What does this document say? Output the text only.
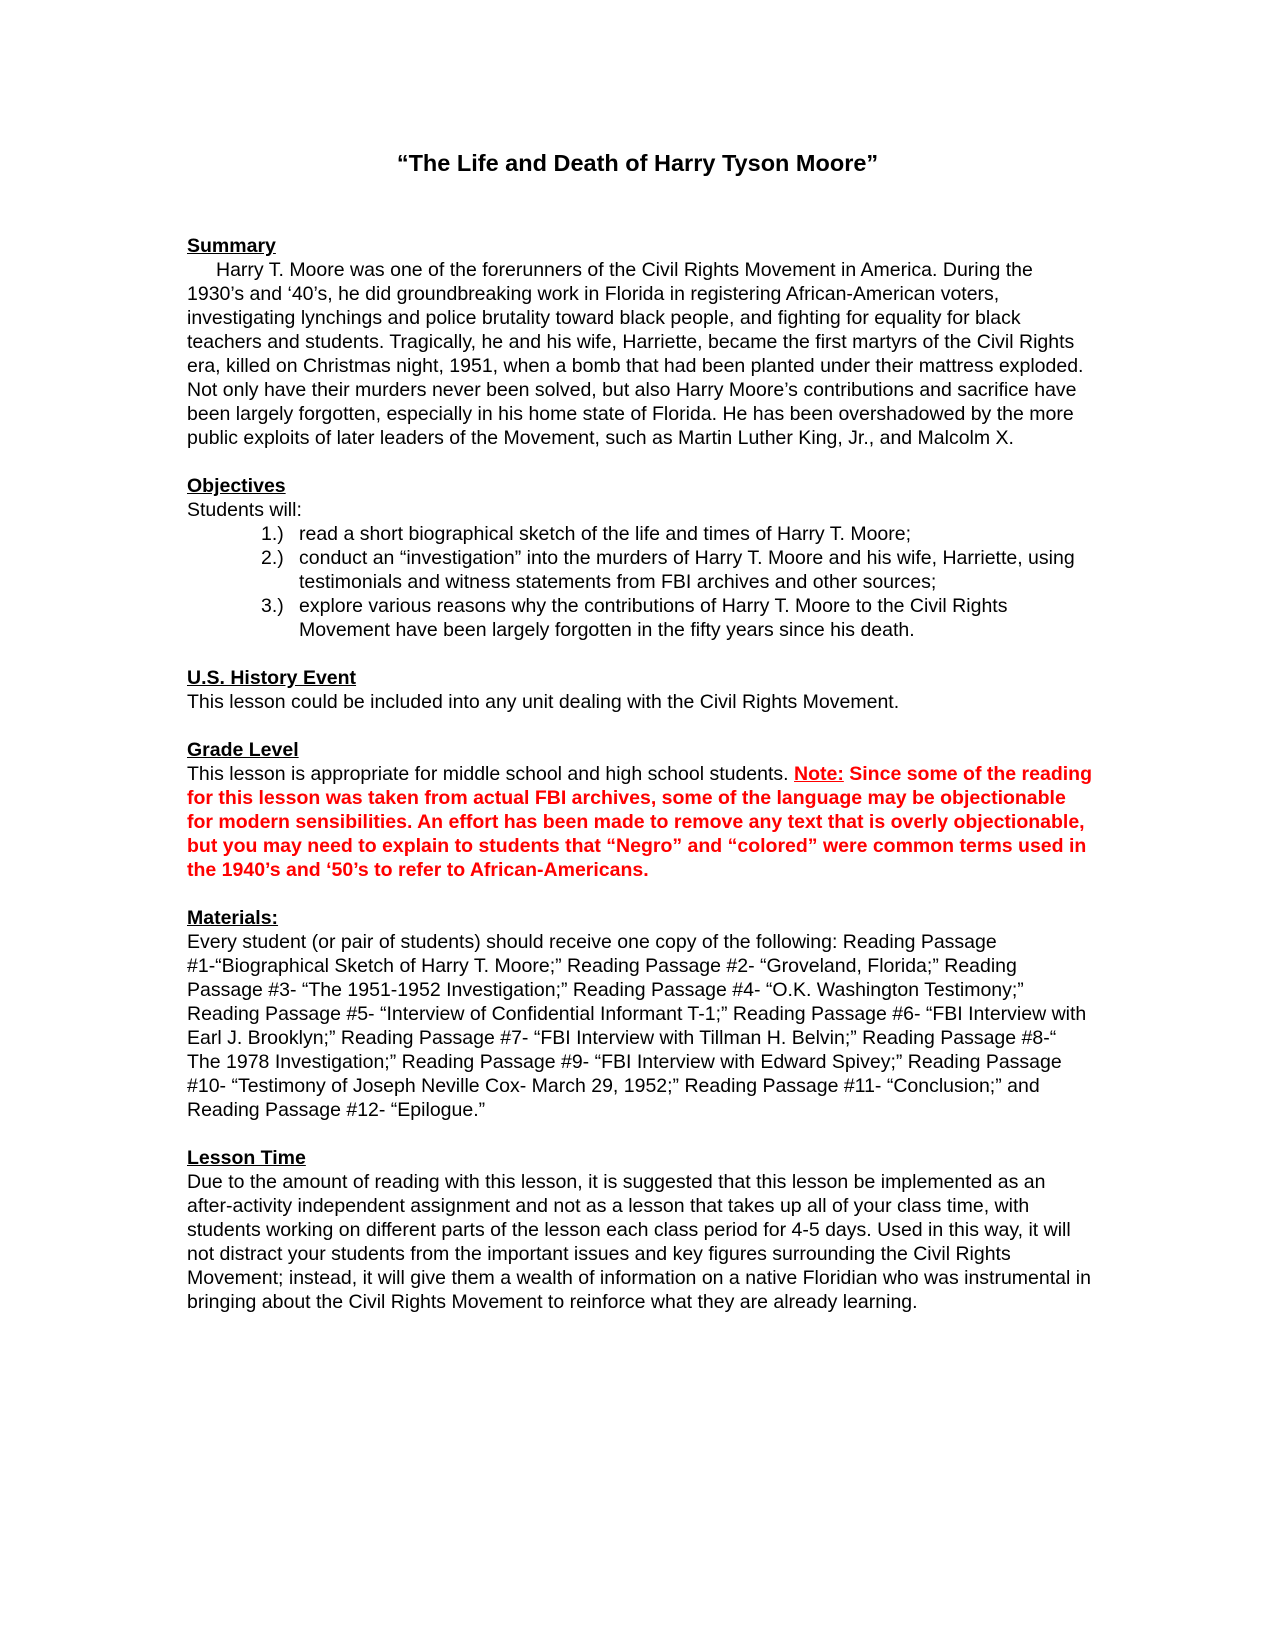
“The Life and Death of Harry Tyson Moore”
Summary

Harry T. Moore was one of the forerunners of the Civil Rights Movement in America. During the 1930’s and ‘40’s, he did groundbreaking work in Florida in registering African-American voters, investigating lynchings and police brutality toward black people, and fighting for equality for black teachers and students. Tragically, he and his wife, Harriette, became the first martyrs of the Civil Rights era, killed on Christmas night, 1951, when a bomb that had been planted under their mattress exploded. Not only have their murders never been solved, but also Harry Moore’s contributions and sacrifice have been largely forgotten, especially in his home state of Florida. He has been overshadowed by the more public exploits of later leaders of the Movement, such as Martin Luther King, Jr., and Malcolm X.

Objectives
Students will:
1.) read a short biographical sketch of the life and times of Harry T. Moore;
2.) conduct an “investigation” into the murders of Harry T. Moore and his wife, Harriette, using testimonials and witness statements from FBI archives and other sources;
3.) explore various reasons why the contributions of Harry T. Moore to the Civil Rights Movement have been largely forgotten in the fifty years since his death.
U.S. History Event

This lesson could be included into any unit dealing with the Civil Rights Movement.

Grade Level

This lesson is appropriate for middle school and high school students. Note: Since some of the reading for this lesson was taken from actual FBI archives, some of the language may be objectionable for modern sensibilities. An effort has been made to remove any text that is overly objectionable, but you may need to explain to students that “Negro” and “colored” were common terms used in the 1940’s and ‘50’s to refer to African-Americans.

Materials:

Every student (or pair of students) should receive one copy of the following: Reading Passage #1-“Biographical Sketch of Harry T. Moore;” Reading Passage #2- “Groveland, Florida;” Reading Passage #3- “The 1951-1952 Investigation;” Reading Passage #4- “O.K. Washington Testimony;” Reading Passage #5- “Interview of Confidential Informant T-1;” Reading Passage #6- “FBI Interview with Earl J. Brooklyn;” Reading Passage #7- “FBI Interview with Tillman H. Belvin;” Reading Passage #8-“ The 1978 Investigation;” Reading Passage #9- “FBI Interview with Edward Spivey;” Reading Passage #10- “Testimony of Joseph Neville Cox- March 29, 1952;” Reading Passage #11- “Conclusion;” and Reading Passage #12- “Epilogue.”

Lesson Time

Due to the amount of reading with this lesson, it is suggested that this lesson be implemented as an after-activity independent assignment and not as a lesson that takes up all of your class time, with students working on different parts of the lesson each class period for 4-5 days. Used in this way, it will not distract your students from the important issues and key figures surrounding the Civil Rights Movement; instead, it will give them a wealth of information on a native Floridian who was instrumental in bringing about the Civil Rights Movement to reinforce what they are already learning.
